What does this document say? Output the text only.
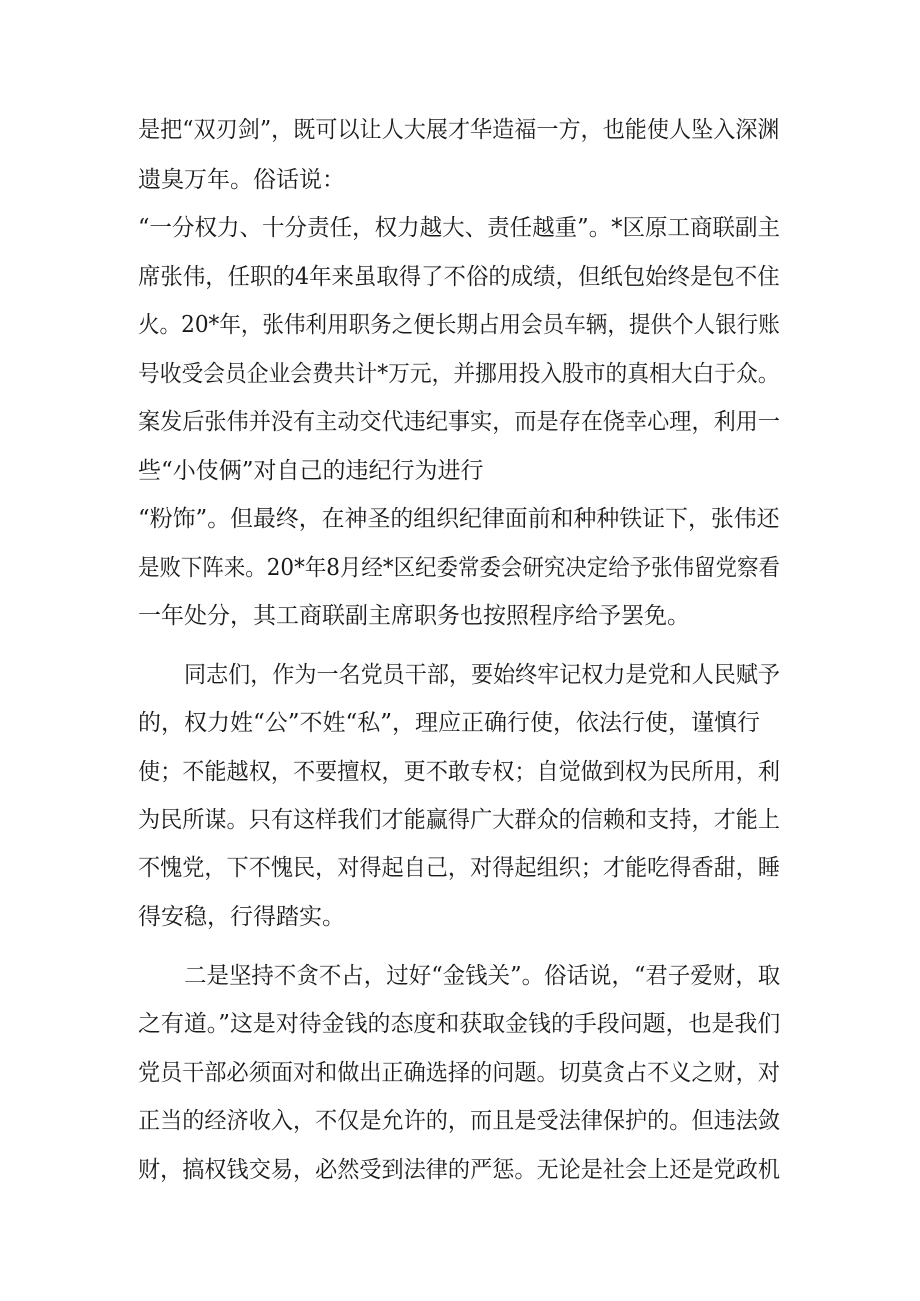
是把“双刃剑”，既可以让人大展才华造福一方，也能使人坠入深渊
遗臭万年。俗话说：
“一分权力、十分责任，权力越大、责任越重”。*区原工商联副主
席张伟，任职的4年来虽取得了不俗的成绩，但纸包始终是包不住
火。20*年，张伟利用职务之便长期占用会员车辆，提供个人银行账
号收受会员企业会费共计*万元，并挪用投入股市的真相大白于众。
案发后张伟并没有主动交代违纪事实，而是存在侥幸心理，利用一
些“小伎俩”对自己的违纪行为进行
“粉饰”。但最终，在神圣的组织纪律面前和种种铁证下，张伟还
是败下阵来。20*年8月经*区纪委常委会研究决定给予张伟留党察看
一年处分，其工商联副主席职务也按照程序给予罢免。
同志们，作为一名党员干部，要始终牢记权力是党和人民赋予
的，权力姓“公”不姓“私”，理应正确行使，依法行使，谨慎行
使；不能越权，不要擅权，更不敢专权；自觉做到权为民所用，利
为民所谋。只有这样我们才能赢得广大群众的信赖和支持，才能上
不愧党，下不愧民，对得起自己，对得起组织；才能吃得香甜，睡
得安稳，行得踏实。
二是坚持不贪不占，过好“金钱关”。俗话说，“君子爱财，取
之有道。”这是对待金钱的态度和获取金钱的手段问题，也是我们
党员干部必须面对和做出正确选择的问题。切莫贪占不义之财，对
正当的经济收入，不仅是允许的，而且是受法律保护的。但违法敛
财，搞权钱交易，必然受到法律的严惩。无论是社会上还是党政机
